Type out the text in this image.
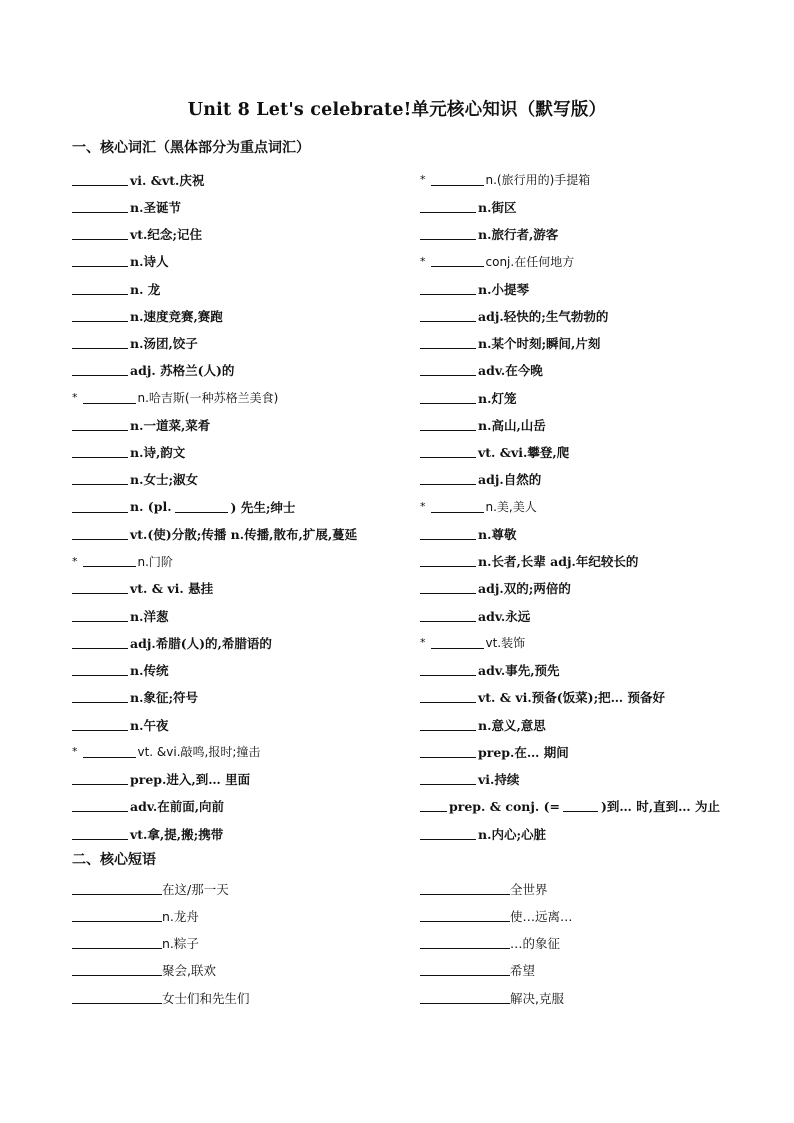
Unit 8 Let's celebrate!单元核心知识（默写版）
一、核心词汇（黑体部分为重点词汇）
vi. &vt.庆祝
n.圣诞节
vt.纪念;记住
n.诗人
n. 龙
n.速度竞赛,赛跑
n.汤团,饺子
adj. 苏格兰(人)的
*	n.哈吉斯(一种苏格兰美食)
n.一道菜,菜肴
n.诗,韵文
n.女士;淑女
n. (pl.	) 先生;绅士
vt.(使)分散;传播 n.传播,散布,扩展,蔓延
*	n.门阶
vt. & vi. 悬挂
n.洋葱
adj.希腊(人)的,希腊语的
n.传统
n.象征;符号
n.午夜
*	vt. &vi.敲鸣,报时;撞击
prep.进入,到… 里面
adv.在前面,向前
vt.拿,提,搬;携带
*	n.(旅行用的)手提箱
n.街区
n.旅行者,游客
*	conj.在任何地方
n.小提琴
adj.轻快的;生气勃勃的
n.某个时刻;瞬间,片刻
adv.在今晚
n.灯笼
n.高山,山岳
vt. &vi.攀登,爬
adj.自然的
*	n.美,美人
n.尊敬
n.长者,长辈 adj.年纪较长的
adj.双的;两倍的
adv.永远
*	vt.装饰
adv.事先,预先
vt. & vi.预备(饭菜);把… 预备好
n.意义,意思
prep.在… 期间
vi.持续
prep. & conj. (=	)到… 时,直到… 为止
n.内心;心脏
二、核心短语
在这/那一天
n.龙舟
n.粽子
聚会,联欢
女士们和先生们
全世界
使…远离…
…的象征
希望
解决,克服
